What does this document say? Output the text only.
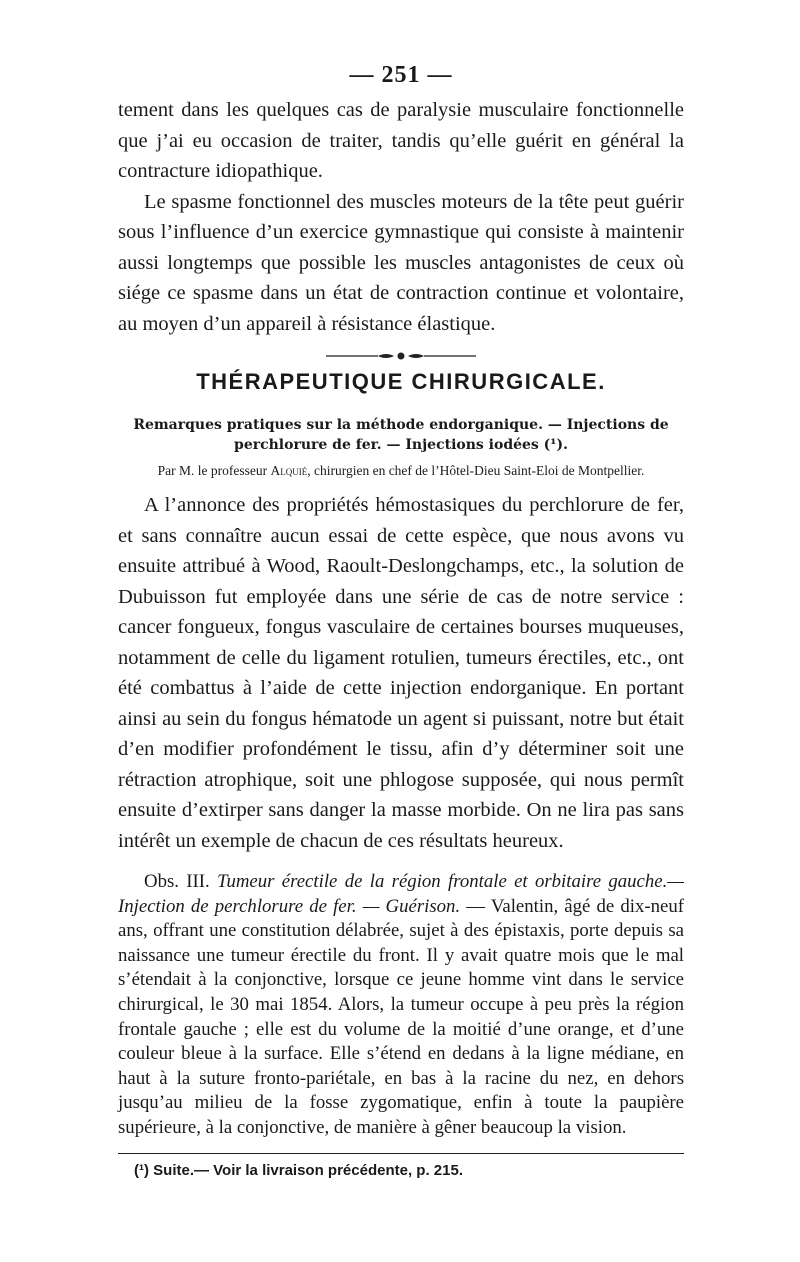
— 251 —

tement dans les quelques cas de paralysie musculaire fonctionnelle que j’ai eu occasion de traiter, tandis qu’elle guérit en général la contracture idiopathique.

Le spasme fonctionnel des muscles moteurs de la tête peut guérir sous l’influence d’un exercice gymnastique qui consiste à maintenir aussi longtemps que possible les muscles antagonistes de ceux où siége ce spasme dans un état de contraction continue et volontaire, au moyen d’un appareil à résistance élastique.

THÉRAPEUTIQUE CHIRURGICALE.
Remarques pratiques sur la méthode endorganique. — Injections de perchlorure de fer. — Injections iodées (¹).
Par M. le professeur Alquié, chirurgien en chef de l’Hôtel-Dieu Saint-Eloi de Montpellier.

A l’annonce des propriétés hémostasiques du perchlorure de fer, et sans connaître aucun essai de cette espèce, que nous avons vu ensuite attribué à Wood, Raoult-Deslongchamps, etc., la solution de Dubuisson fut employée dans une série de cas de notre service : cancer fongueux, fongus vasculaire de certaines bourses muqueuses, notamment de celle du ligament rotulien, tumeurs érectiles, etc., ont été combattus à l’aide de cette injection endorganique. En portant ainsi au sein du fongus hématode un agent si puissant, notre but était d’en modifier profondément le tissu, afin d’y déterminer soit une rétraction atrophique, soit une phlogose supposée, qui nous permît ensuite d’extirper sans danger la masse morbide. On ne lira pas sans intérêt un exemple de chacun de ces résultats heureux.

Obs. III. Tumeur érectile de la région frontale et orbitaire gauche.— Injection de perchlorure de fer. — Guérison. — Valentin, âgé de dix-neuf ans, offrant une constitution délabrée, sujet à des épistaxis, porte depuis sa naissance une tumeur érectile du front. Il y avait quatre mois que le mal s’étendait à la conjonctive, lorsque ce jeune homme vint dans le service chirurgical, le 30 mai 1854. Alors, la tumeur occupe à peu près la région frontale gauche ; elle est du volume de la moitié d’une orange, et d’une couleur bleue à la surface. Elle s’étend en dedans à la ligne médiane, en haut à la suture fronto-pariétale, en bas à la racine du nez, en dehors jusqu’au milieu de la fosse zygomatique, enfin à toute la paupière supérieure, à la conjonctive, de manière à gêner beaucoup la vision.

(¹) Suite.— Voir la livraison précédente, p. 215.
